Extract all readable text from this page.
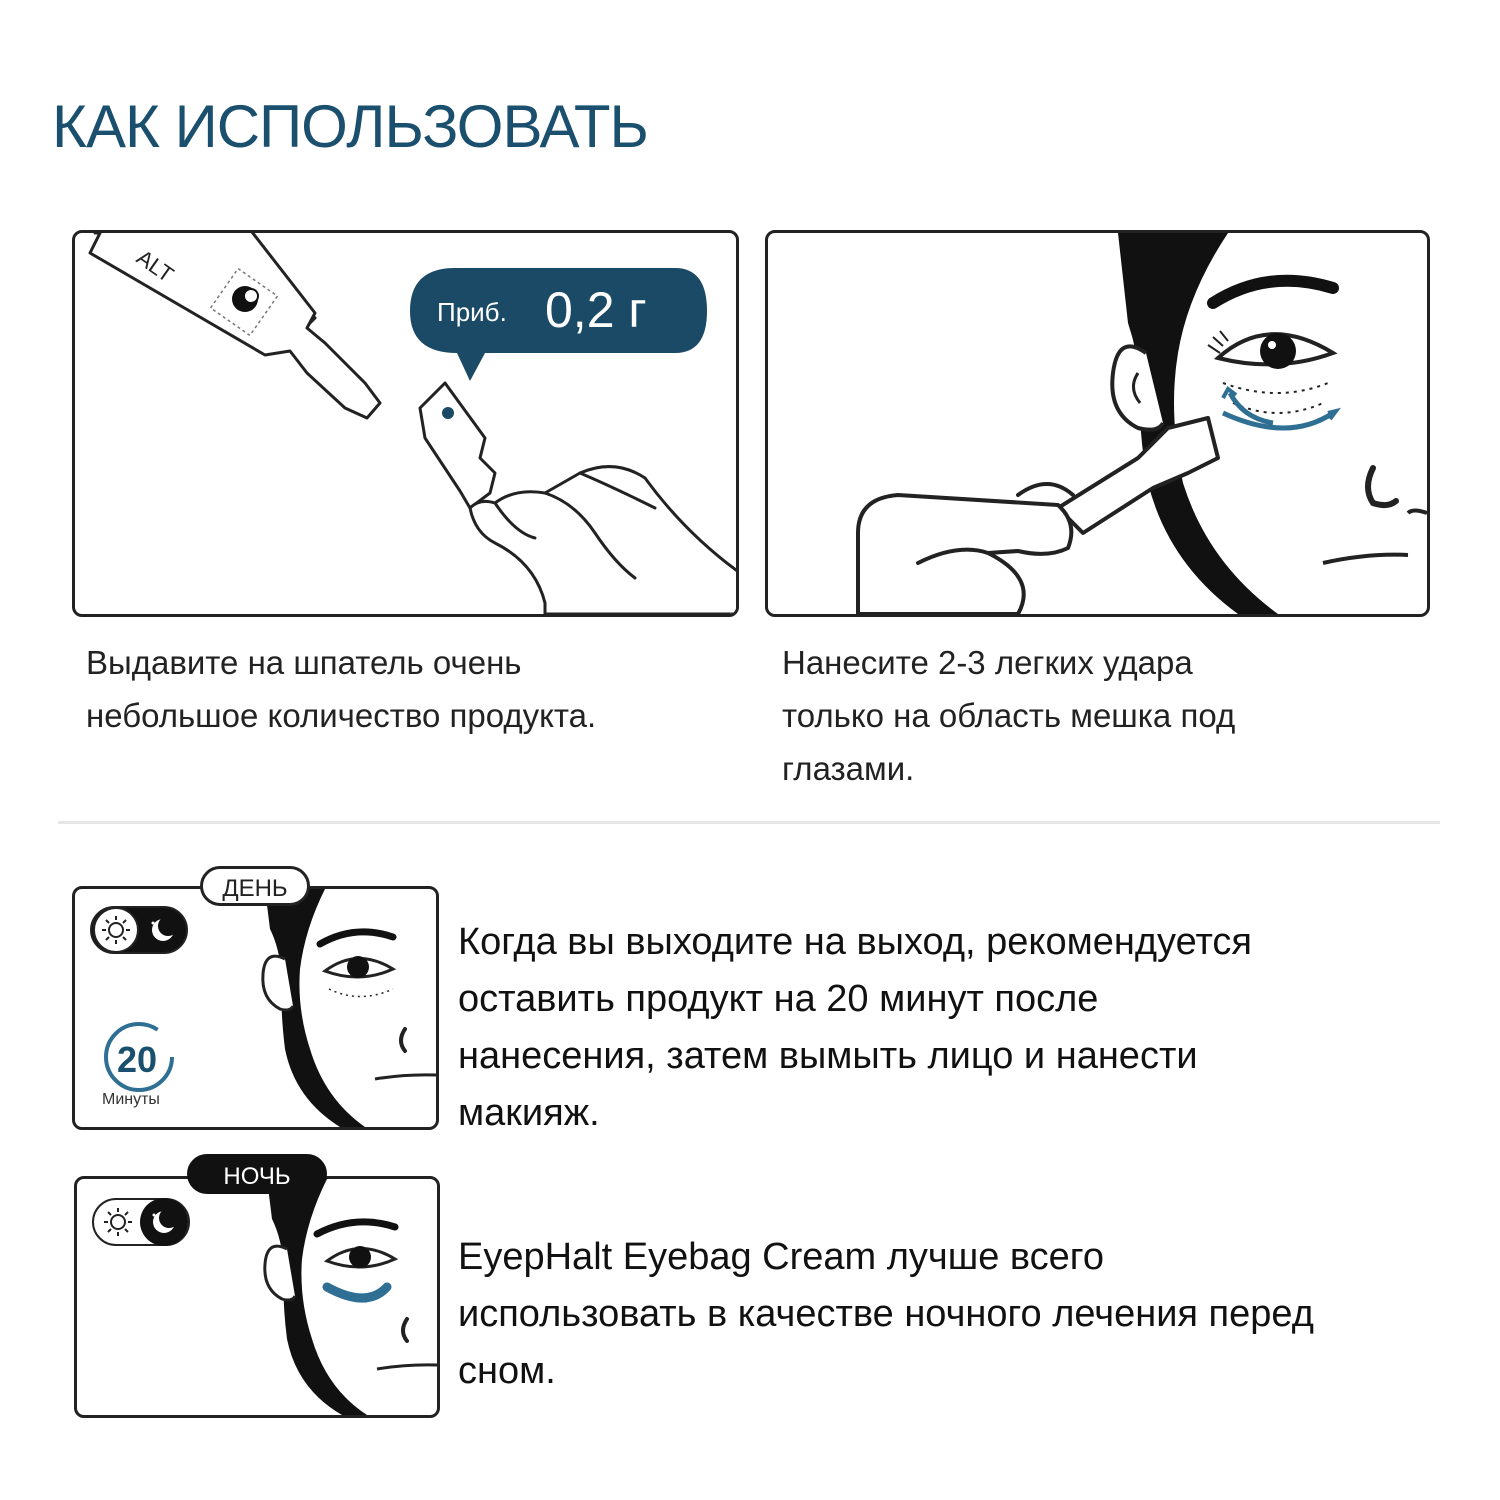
КАК ИСПОЛЬЗОВАТЬ
ALT
Приб. 0,2 г
Выдавите на шпатель очень
небольшое количество продукта.
Нанесите 2-3 легких удара
только на область мешка под
глазами.
20
Минуты
ДЕНЬ
Когда вы выходите на выход, рекомендуется
оставить продукт на 20 минут после
нанесения, затем вымыть лицо и нанести
макияж.
НОЧЬ
EyepHalt Eyebag Cream лучше всего
использовать в качестве ночного лечения перед
сном.
